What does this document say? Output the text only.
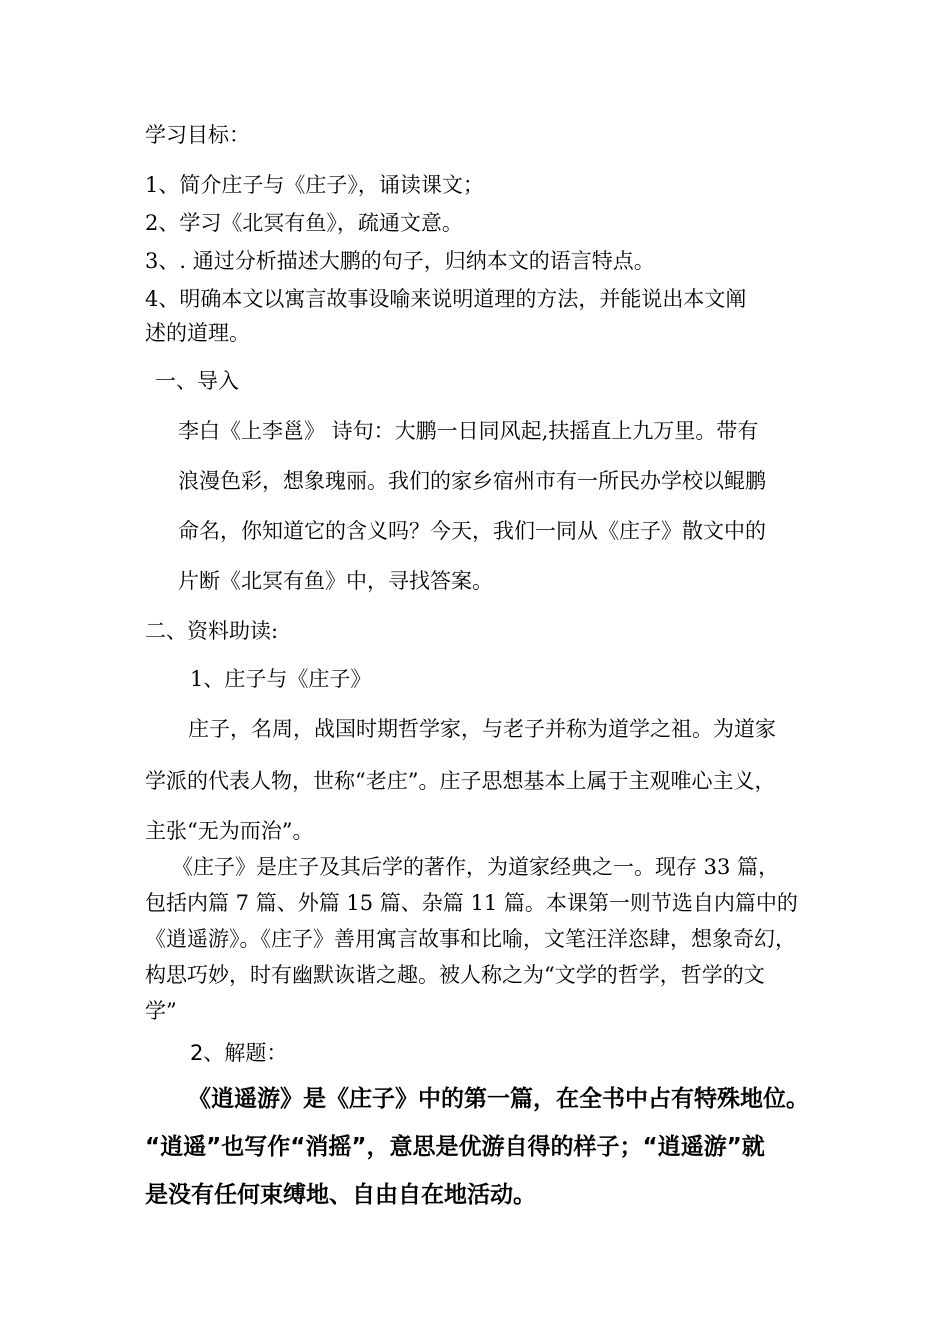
学习目标：
1、简介庄子与《庄子》，诵读课文；
2、学习《北冥有鱼》，疏通文意。
3、. 通过分析描述大鹏的句子，归纳本文的语言特点。
4、明确本文以寓言故事设喻来说明道理的方法，并能说出本文阐
述的道理。
一、导入
李白《上李邕》 诗句：大鹏一日同风起,扶摇直上九万里。带有
浪漫色彩，想象瑰丽。我们的家乡宿州市有一所民办学校以鲲鹏
命名，你知道它的含义吗？今天，我们一同从《庄子》散文中的
片断《北冥有鱼》中，寻找答案。
二、资料助读:
1、庄子与《庄子》
庄子，名周，战国时期哲学家，与老子并称为道学之祖。为道家
学派的代表人物，世称“老庄”。庄子思想基本上属于主观唯心主义，
主张“无为而治”。
《庄子》是庄子及其后学的著作，为道家经典之一。现存 33 篇，
包括内篇 7 篇、外篇 15 篇、杂篇 11 篇。本课第一则节选自内篇中的
《逍遥游》。《庄子》善用寓言故事和比喻，文笔汪洋恣肆，想象奇幻，
构思巧妙，时有幽默诙谐之趣。被人称之为“文学的哲学，哲学的文
学”
2、解题：
《逍遥游》是《庄子》中的第一篇，在全书中占有特殊地位。
“逍遥”也写作“消摇”，意思是优游自得的样子；“逍遥游”就
是没有任何束缚地、自由自在地活动。
